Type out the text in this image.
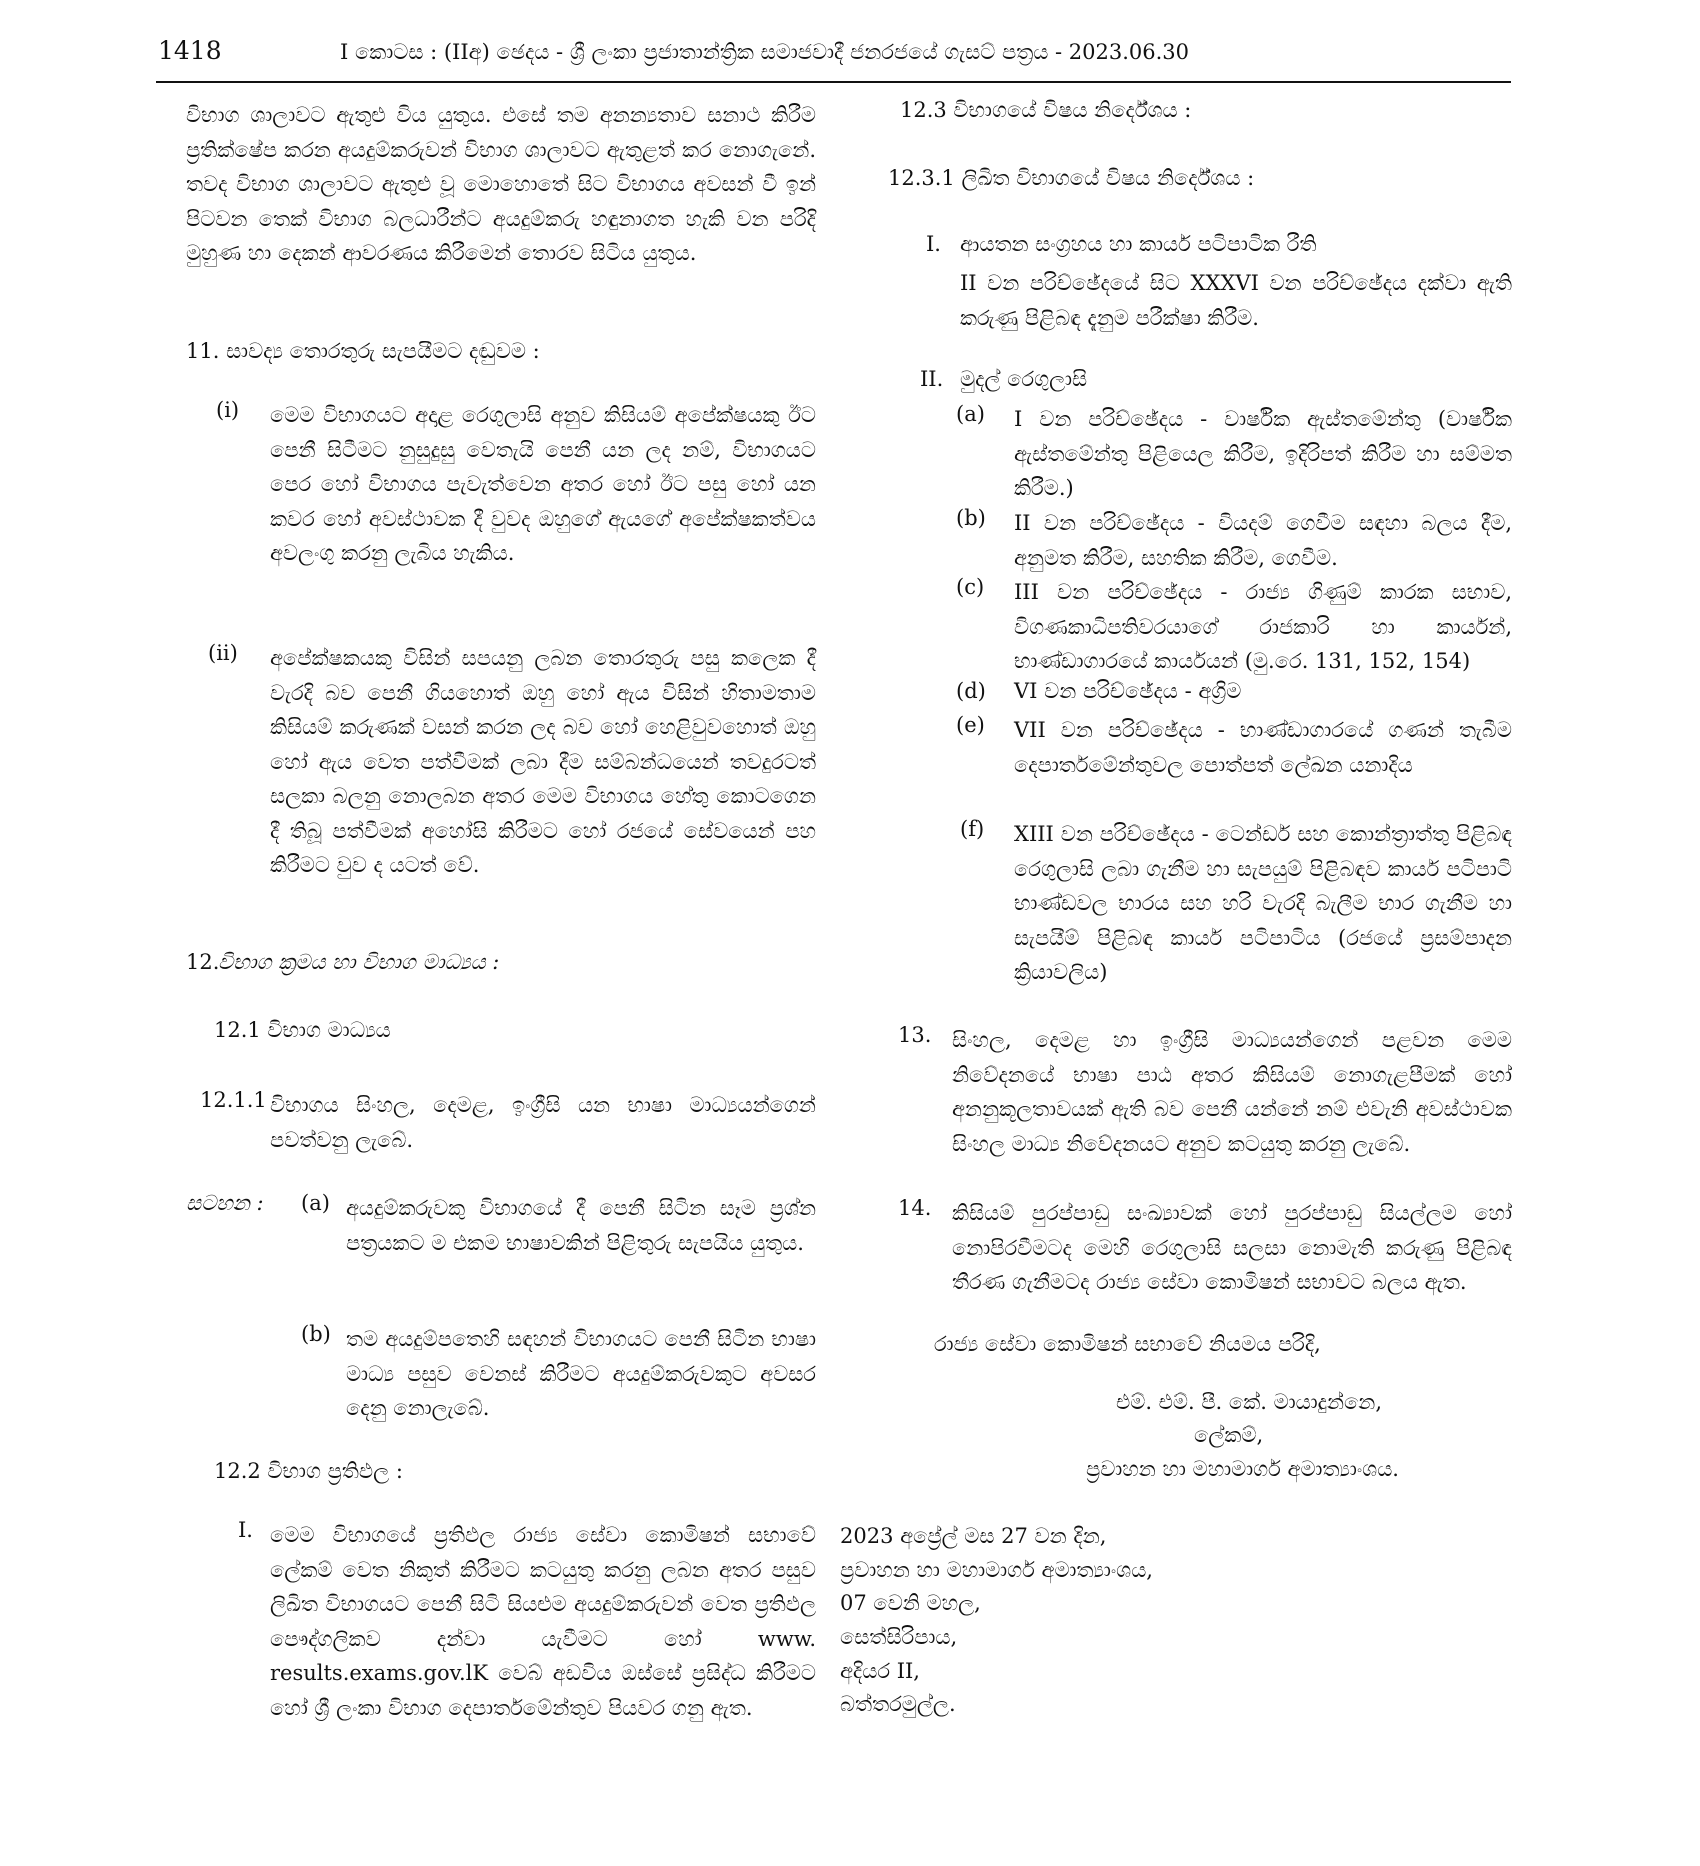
1418	I කොටස : (IIඅ) ඡෙදය - ශ්‍රී ලංකා ප්‍රජාතාන්ත්‍රික සමාජවාදී ජනරජයේ ගැසට් පත්‍රය - 2023.06.30
විභාග ශාලාවට ඇතුළු විය යුතුය. එසේ තම අනන්‍යතාව සනාථ කිරීම ප්‍රතික්ෂේප කරන අයදුම්කරුවන් විභාග ශාලාවට ඇතුළත් කර නොගැනේ. තවද විභාග ශාලාවට ඇතුළු වූ මොහොතේ සිට විභාගය අවසන් වී ඉන් පිටවන තෙක් විභාග බලධාරීන්ට අයදුම්කරු හඳුනාගත හැකි වන පරිදි මුහුණ හා දෙකන් ආවරණය කිරීමෙන් තොරව සිටිය යුතුය.
11. සාවද්‍ය තොරතුරු සැපයීමට දඬුවම :
(i) මෙම විභාගයට අදාළ රෙගුලාසි අනුව කිසියම් අපේක්ෂයකු ඊට පෙනී සිටීමට නුසුදුසු වෙතැයි පෙනී යන ලද නම්, විභාගයට පෙර හෝ විභාගය පැවැත්වෙන අතර හෝ ඊට පසු හෝ යන කවර හෝ අවස්ථාවක දී වුවද ඔහුගේ ඇයගේ අපේක්ෂකත්වය අවලංගු කරනු ලැබිය හැකිය.
(ii) අපේක්ෂකයකු විසින් සපයනු ලබන තොරතුරු පසු කලෙක දී වැරදි බව පෙනී ගියහොත් ඔහු හෝ ඇය විසින් හිතාමතාම කිසියම් කරුණක් වසන් කරන ලද බව හෝ හෙළිවුවහොත් ඔහු හෝ ඇය වෙත පත්වීමක් ලබා දීම සම්බන්ධයෙන් තවදුරටත් සලකා බලනු නොලබන අතර මෙම විභාගය හේතු කොටගෙන දී තිබූ පත්වීමක් අහෝසි කිරීමට හෝ රජයේ සේවයෙන් පහ කිරීමට වුව ද යටත් වේ.
12.
විභාග ක්‍රමය හා විභාග මාධ්‍යය :
12.1 විභාග මාධ්‍යය
12.1.1 විභාගය සිංහල, දෙමළ, ඉංග්‍රීසි යන භාෂා මාධ්‍යයන්ගෙන් පවත්වනු ලැබේ.
සටහන : (a) අයදුම්කරුවකු විභාගයේ දී පෙනී සිටින සෑම ප්‍රශ්න පත්‍රයකට ම එකම භාෂාවකින් පිළිතුරු සැපයිය යුතුය.
(b) තම අයදුම්පතෙහි සඳහන් විභාගයට පෙනී සිටින භාෂා මාධ්‍ය පසුව වෙනස් කිරීමට අයදුම්කරුවකුට අවසර දෙනු නොලැබේ.
12.2 විභාග ප්‍රතිඵල :
I. මෙම විභාගයේ ප්‍රතිඵල රාජ්‍ය සේවා කොමිෂන් සභාවේ ලේකම් වෙත නිකුත් කිරීමට කටයුතු කරනු ලබන අතර පසුව ලිඛිත විභාගයට පෙනී සිටි සියළුම අයදුම්කරුවන් වෙත ප්‍රතිඵල පෞද්ගලිකව දන්වා යැවීමට හෝ www. results.exams.gov.lK වෙබ් අඩවිය ඔස්සේ ප්‍රසිද්ධ කිරීමට හෝ ශ්‍රී ලංකා විභාග දෙපාර්තමේන්තුව පියවර ගනු ඇත.
12.3 විභාගයේ විෂය නිර්දේශය :
12.3.1 ලිඛිත විභාගයේ විෂය නිර්දේශය :
I. ආයතන සංග්‍රහය හා කාර්ය පටිපාටික රීති
II වන පරිච්ඡේදයේ සිට XXXVI වන පරිච්ඡේදය දක්වා ඇති කරුණු පිළිබඳ දැනුම පරීක්ෂා කිරීම.
II. මුදල් රෙගුලාසි
(a) I වන පරිච්ඡේදය - වාර්ෂික ඇස්තමේන්තු (වාර්ෂික ඇස්තමේන්තු පිළියෙල කිරීම, ඉදිරිපත් කිරීම හා සම්මත කිරීම.)
(b) II වන පරිච්ඡේදය - වියදම් ගෙවීම සඳහා බලය දීම, අනුමත කිරීම, සහතික කිරීම, ගෙවීම.
(c) III වන පරිච්ඡේදය - රාජ්‍ය ගිණුම් කාරක සභාව, විගණකාධිපතිවරයාගේ රාජකාරි හා කාර්යන්, භාණ්ඩාගාරයේ කාර්යයන් (මු.රෙ. 131, 152, 154)
(d) VI වන පරිච්ඡේදය - අග්‍රිම
(e) VII වන පරිච්ඡේදය - භාණ්ඩාගාරයේ ගණන් තැබීම දෙපාර්තමේන්තුවල පොත්පත් ලේඛන යනාදිය
(f) XIII වන පරිච්ඡේදය - ටෙන්ඩර් සහ කොන්ත්‍රාත්තු පිළිබඳ රෙගුලාසි ලබා ගැනීම හා සැපයුම් පිළිබඳව කාර්ය පටිපාටි භාණ්ඩවල භාරය සහ හරි වැරදි බැලීම භාර ගැනීම හා සැපයීම් පිළිබඳ කාර්ය පටිපාටිය (රජයේ ප්‍රසම්පාදන ක්‍රියාවලිය)
13. සිංහල, දෙමළ හා ඉංග්‍රීසි මාධ්‍යයන්ගෙන් පළවන මෙම නිවේදනයේ භාෂා පාඨ අතර කිසියම් නොගැළපීමක් හෝ අනනුකූලතාවයක් ඇති බව පෙනී යන්නේ නම් එවැනි අවස්ථාවක සිංහල මාධ්‍ය නිවේදනයට අනුව කටයුතු කරනු ලැබේ.
14. කිසියම් පුරප්පාඩු සංඛ්‍යාවක් හෝ පුරප්පාඩු සියල්ලම හෝ නොපිරවීමටද මෙහි රෙගුලාසි සලසා නොමැති කරුණු පිළිබඳ තීරණ ගැනීමටද රාජ්‍ය සේවා කොමිෂන් සභාවට බලය ඇත.
රාජ්‍ය සේවා කොමිෂන් සභාවේ නියමය පරිදි,
එම්. එම්. පී. කේ. මායාදුන්නෙ,
ලේකම්,
ප්‍රවාහන හා මහාමාර්ග අමාත්‍යාංශය.
2023 අප්‍රේල් මස 27 වන දින,
ප්‍රවාහන හා මහාමාර්ග අමාත්‍යාංශය,
07 වෙනි මහල,
සෙත්සිරිපාය,
අදියර II,
බත්තරමුල්ල.
